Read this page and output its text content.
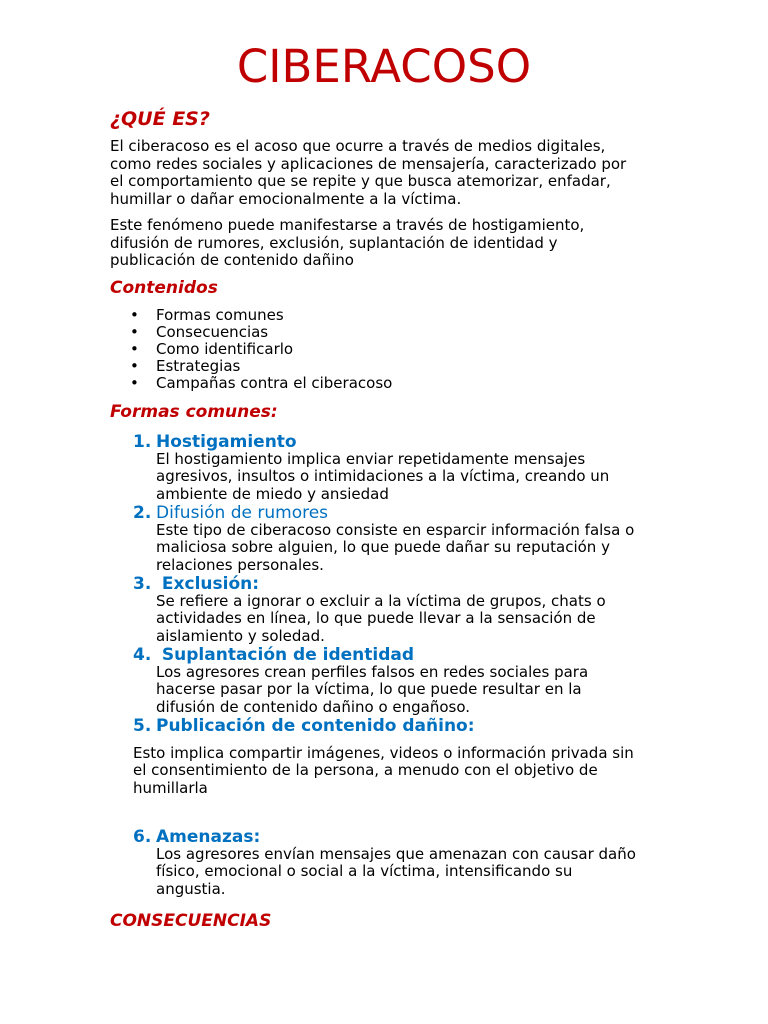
CIBERACOSO
¿QUÉ ES?
El ciberacoso es el acoso que ocurre a través de medios digitales,
como redes sociales y aplicaciones de mensajería, caracterizado por
el comportamiento que se repite y que busca atemorizar, enfadar,
humillar o dañar emocionalmente a la víctima.
Este fenómeno puede manifestarse a través de hostigamiento,
difusión de rumores, exclusión, suplantación de identidad y
publicación de contenido dañino
Contenidos
• Formas comunes
• Consecuencias
• Como identificarlo
• Estrategias
• Campañas contra el ciberacoso
Formas comunes:
1. Hostigamiento
El hostigamiento implica enviar repetidamente mensajes
agresivos, insultos o intimidaciones a la víctima, creando un
ambiente de miedo y ansiedad
2. Difusión de rumores
Este tipo de ciberacoso consiste en esparcir información falsa o
maliciosa sobre alguien, lo que puede dañar su reputación y
relaciones personales.
3. Exclusión:
Se refiere a ignorar o excluir a la víctima de grupos, chats o
actividades en línea, lo que puede llevar a la sensación de
aislamiento y soledad.
4. Suplantación de identidad
Los agresores crean perfiles falsos en redes sociales para
hacerse pasar por la víctima, lo que puede resultar en la
difusión de contenido dañino o engañoso.
5. Publicación de contenido dañino:
Esto implica compartir imágenes, videos o información privada sin
el consentimiento de la persona, a menudo con el objetivo de
humillarla
6. Amenazas:
Los agresores envían mensajes que amenazan con causar daño
físico, emocional o social a la víctima, intensificando su
angustia.
CONSECUENCIAS
